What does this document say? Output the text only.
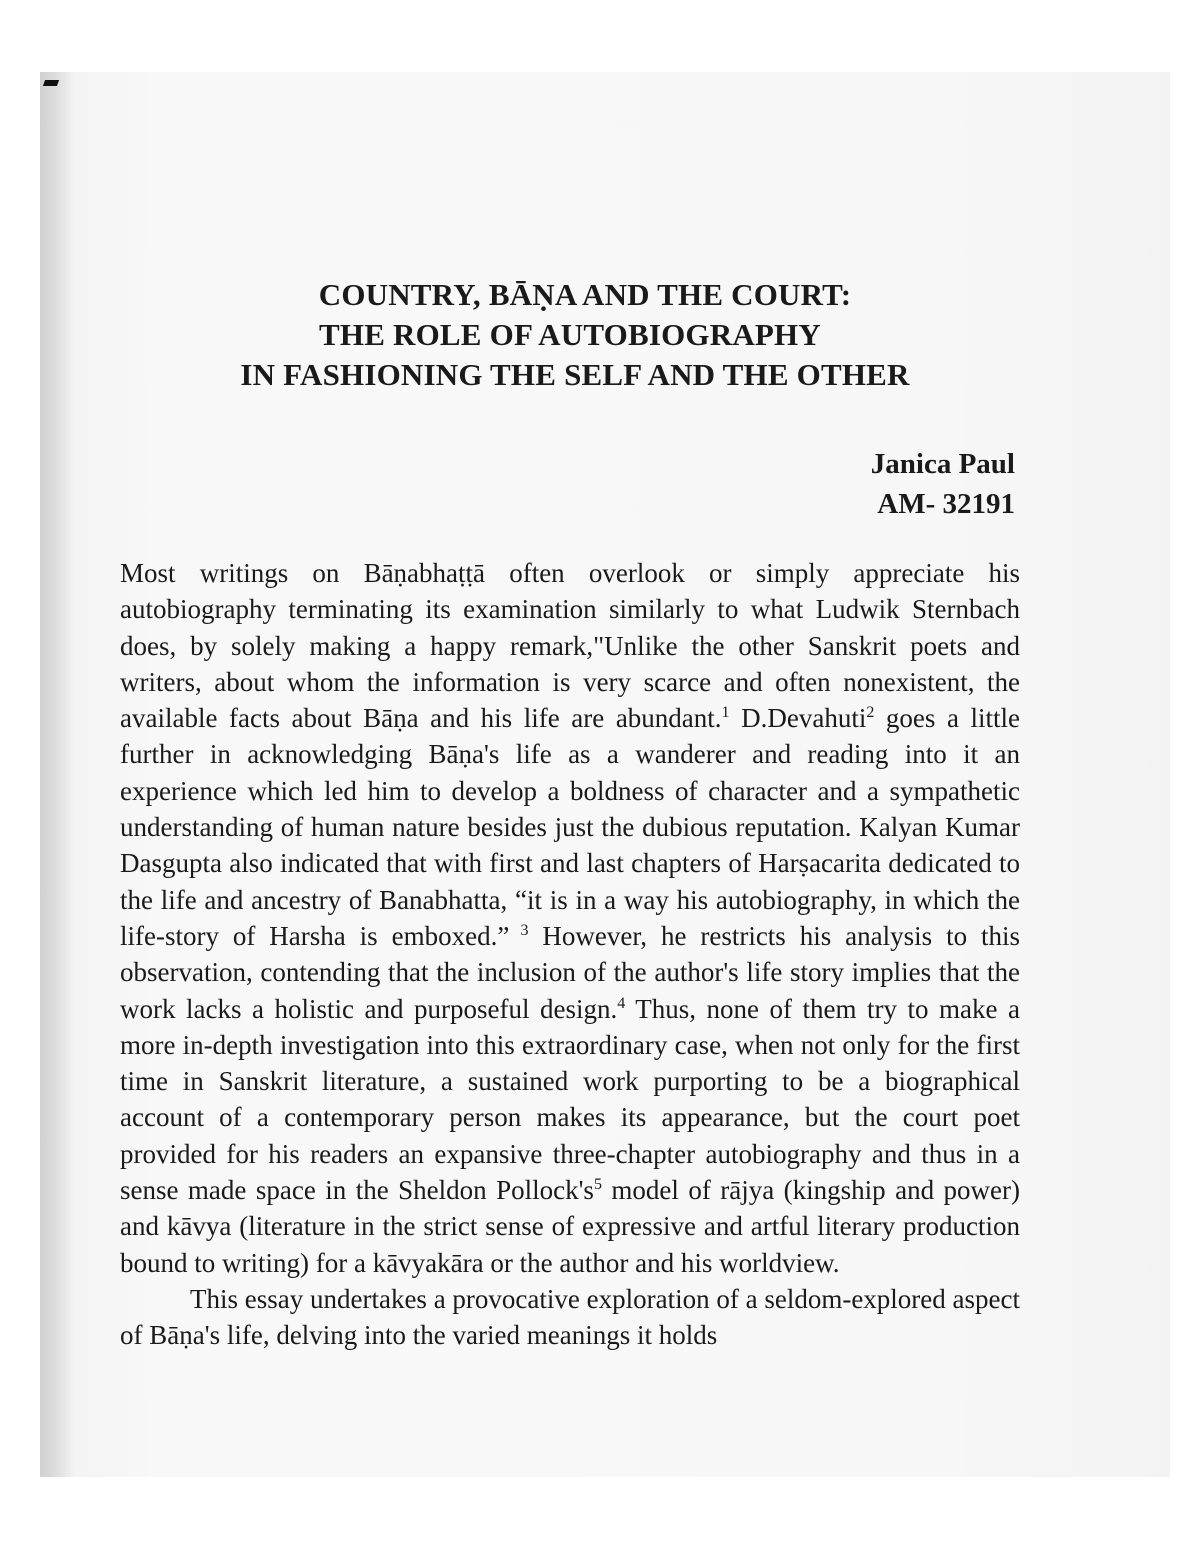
COUNTRY, BĀṆA AND THE COURT:
THE ROLE OF AUTOBIOGRAPHY
IN FASHIONING THE SELF AND THE OTHER
Janica Paul
AM- 32191

Most writings on Bāṇabhaṭṭā often overlook or simply appreciate his autobiography terminating its examination similarly to what Ludwik Sternbach does, by solely making a happy remark,"Unlike the other Sanskrit poets and writers, about whom the information is very scarce and often nonexistent, the available facts about Bāṇa and his life are abundant.$^1$ D.Devahuti$^2$ goes a little further in acknowledging Bāṇa's life as a wanderer and reading into it an experience which led him to develop a boldness of character and a sympathetic understanding of human nature besides just the dubious reputation. Kalyan Kumar Dasgupta also indicated that with first and last chapters of Harṣacarita dedicated to the life and ancestry of Banabhatta, “it is in a way his autobiography, in which the life-story of Harsha is emboxed.” $^3$ However, he restricts his analysis to this observation, contending that the inclusion of the author's life story implies that the work lacks a holistic and purposeful design.$^4$ Thus, none of them try to make a more in-depth investigation into this extraordinary case, when not only for the first time in Sanskrit literature, a sustained work purporting to be a biographical account of a contemporary person makes its appearance, but the court poet provided for his readers an expansive three-chapter autobiography and thus in a sense made space in the Sheldon $Pollock's^5$ model of rājya (kingship and power) and kāvya (literature in the strict sense of expressive and artful literary production bound to writing) for a kāvyakāra or the author and his worldview.

This essay undertakes a provocative exploration of a seldom-explored aspect of Bāṇa's life, delving into the varied meanings it holds
